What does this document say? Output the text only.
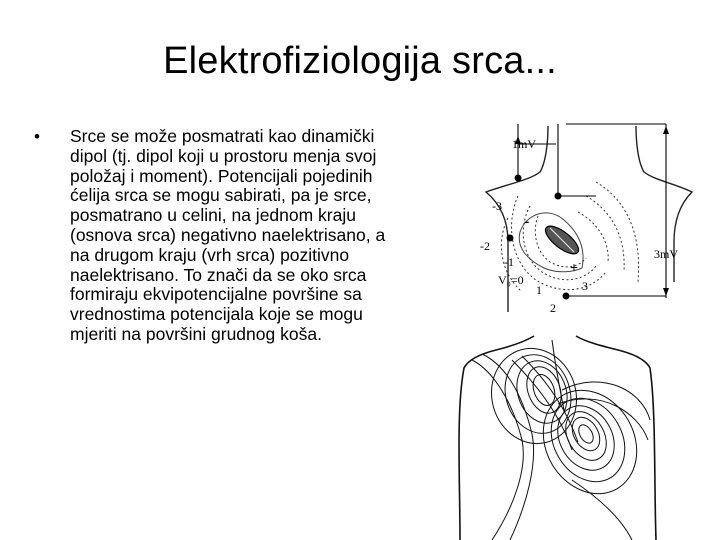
Elektrofiziologija srca...
• Srce se može posmatrati kao dinamički dipol (tj. dipol koji u prostoru menja svoj položaj i moment). Potencijali pojedinih ćelija srca se mogu sabirati, pa je srce, posmatrano u celini, na jednom kraju (osnova srca) negativno naelektrisano, a na drugom kraju (vrh srca) pozitivno naelektrisano. To znači da se oko srca formiraju ekvipotencijalne površine sa vrednostima potencijala koje se mogu mjeriti na površini grudnog koša.
1mV
-3
-2
-1
V₀=0
1	3
2
3mV
-
+
